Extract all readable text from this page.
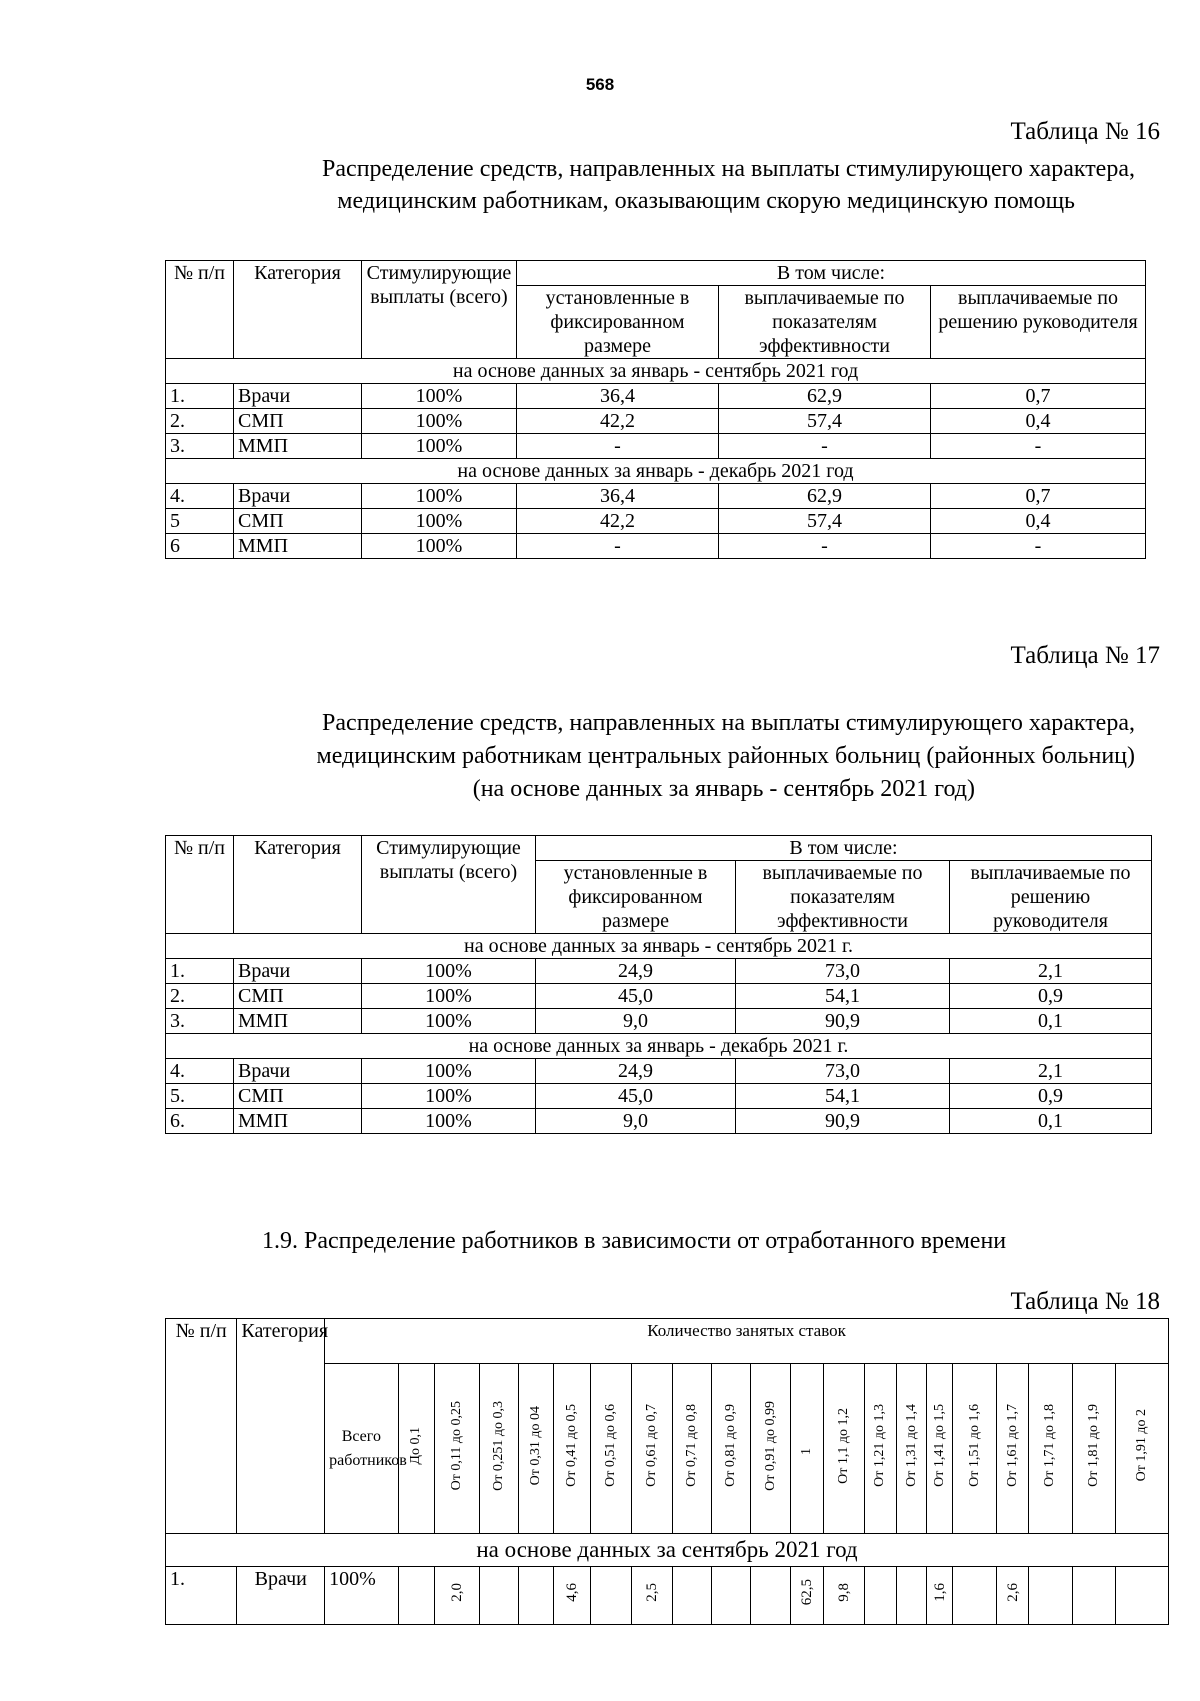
568
Таблица № 16
Распределение средств, направленных на выплаты стимулирующего характера,
медицинским работникам, оказывающим скорую медицинскую помощь
№ п/п	Категория	Стимулирующие выплаты (всего)	В том числе:		
			установленные в фиксированном размере	выплачиваемые по показателям эффективности	выплачиваемые по решению руководителя
на основе данных за январь - сентябрь 2021 год					
1.	Врачи	100%	36,4	62,9	0,7
2.	СМП	100%	42,2	57,4	0,4
3.	ММП	100%	-	-	-
на основе данных за январь - декабрь 2021 год					
4.	Врачи	100%	36,4	62,9	0,7
5	СМП	100%	42,2	57,4	0,4
6	ММП	100%	-	-	-
Таблица № 17
Распределение средств, направленных на выплаты стимулирующего характера,
медицинским работникам центральных районных больниц (районных больниц)
(на основе данных за январь - сентябрь 2021 год)
№ п/п	Категория	Стимулирующие выплаты (всего)	В том числе:		
			установленные в фиксированном размере	выплачиваемые по показателям эффективности	выплачиваемые по решению руководителя
на основе данных за январь - сентябрь 2021 г.					
1.	Врачи	100%	24,9	73,0	2,1
2.	СМП	100%	45,0	54,1	0,9
3.	ММП	100%	9,0	90,9	0,1
на основе данных за январь - декабрь 2021 г.					
4.	Врачи	100%	24,9	73,0	2,1
5.	СМП	100%	45,0	54,1	0,9
6.	ММП	100%	9,0	90,9	0,1
1.9. Распределение работников в зависимости от отработанного времени
Таблица № 18
№ п/п	Категория	Количество занятых ставок																				
		Всего работников	До 0,1	От 0,11 до 0,25	От 0,251 до 0,3	От 0,31 до 04	От 0,41 до 0,5	От 0,51 до 0,6	От 0,61 до 0,7	От 0,71 до 0,8	От 0,81 до 0,9	От 0,91 до 0,99	1	От 1,1 до 1,2	От 1,21 до 1,3	От 1,31 до 1,4	От 1,41 до 1,5	От 1,51 до 1,6	От 1,61 до 1,7	От 1,71 до 1,8	От 1,81 до 1,9	От 1,91 до 2
на основе данных за сентябрь 2021 год																						
1.	Врачи	100%		2,0			4,6		2,5				62,5	9,8			1,6		2,6			
